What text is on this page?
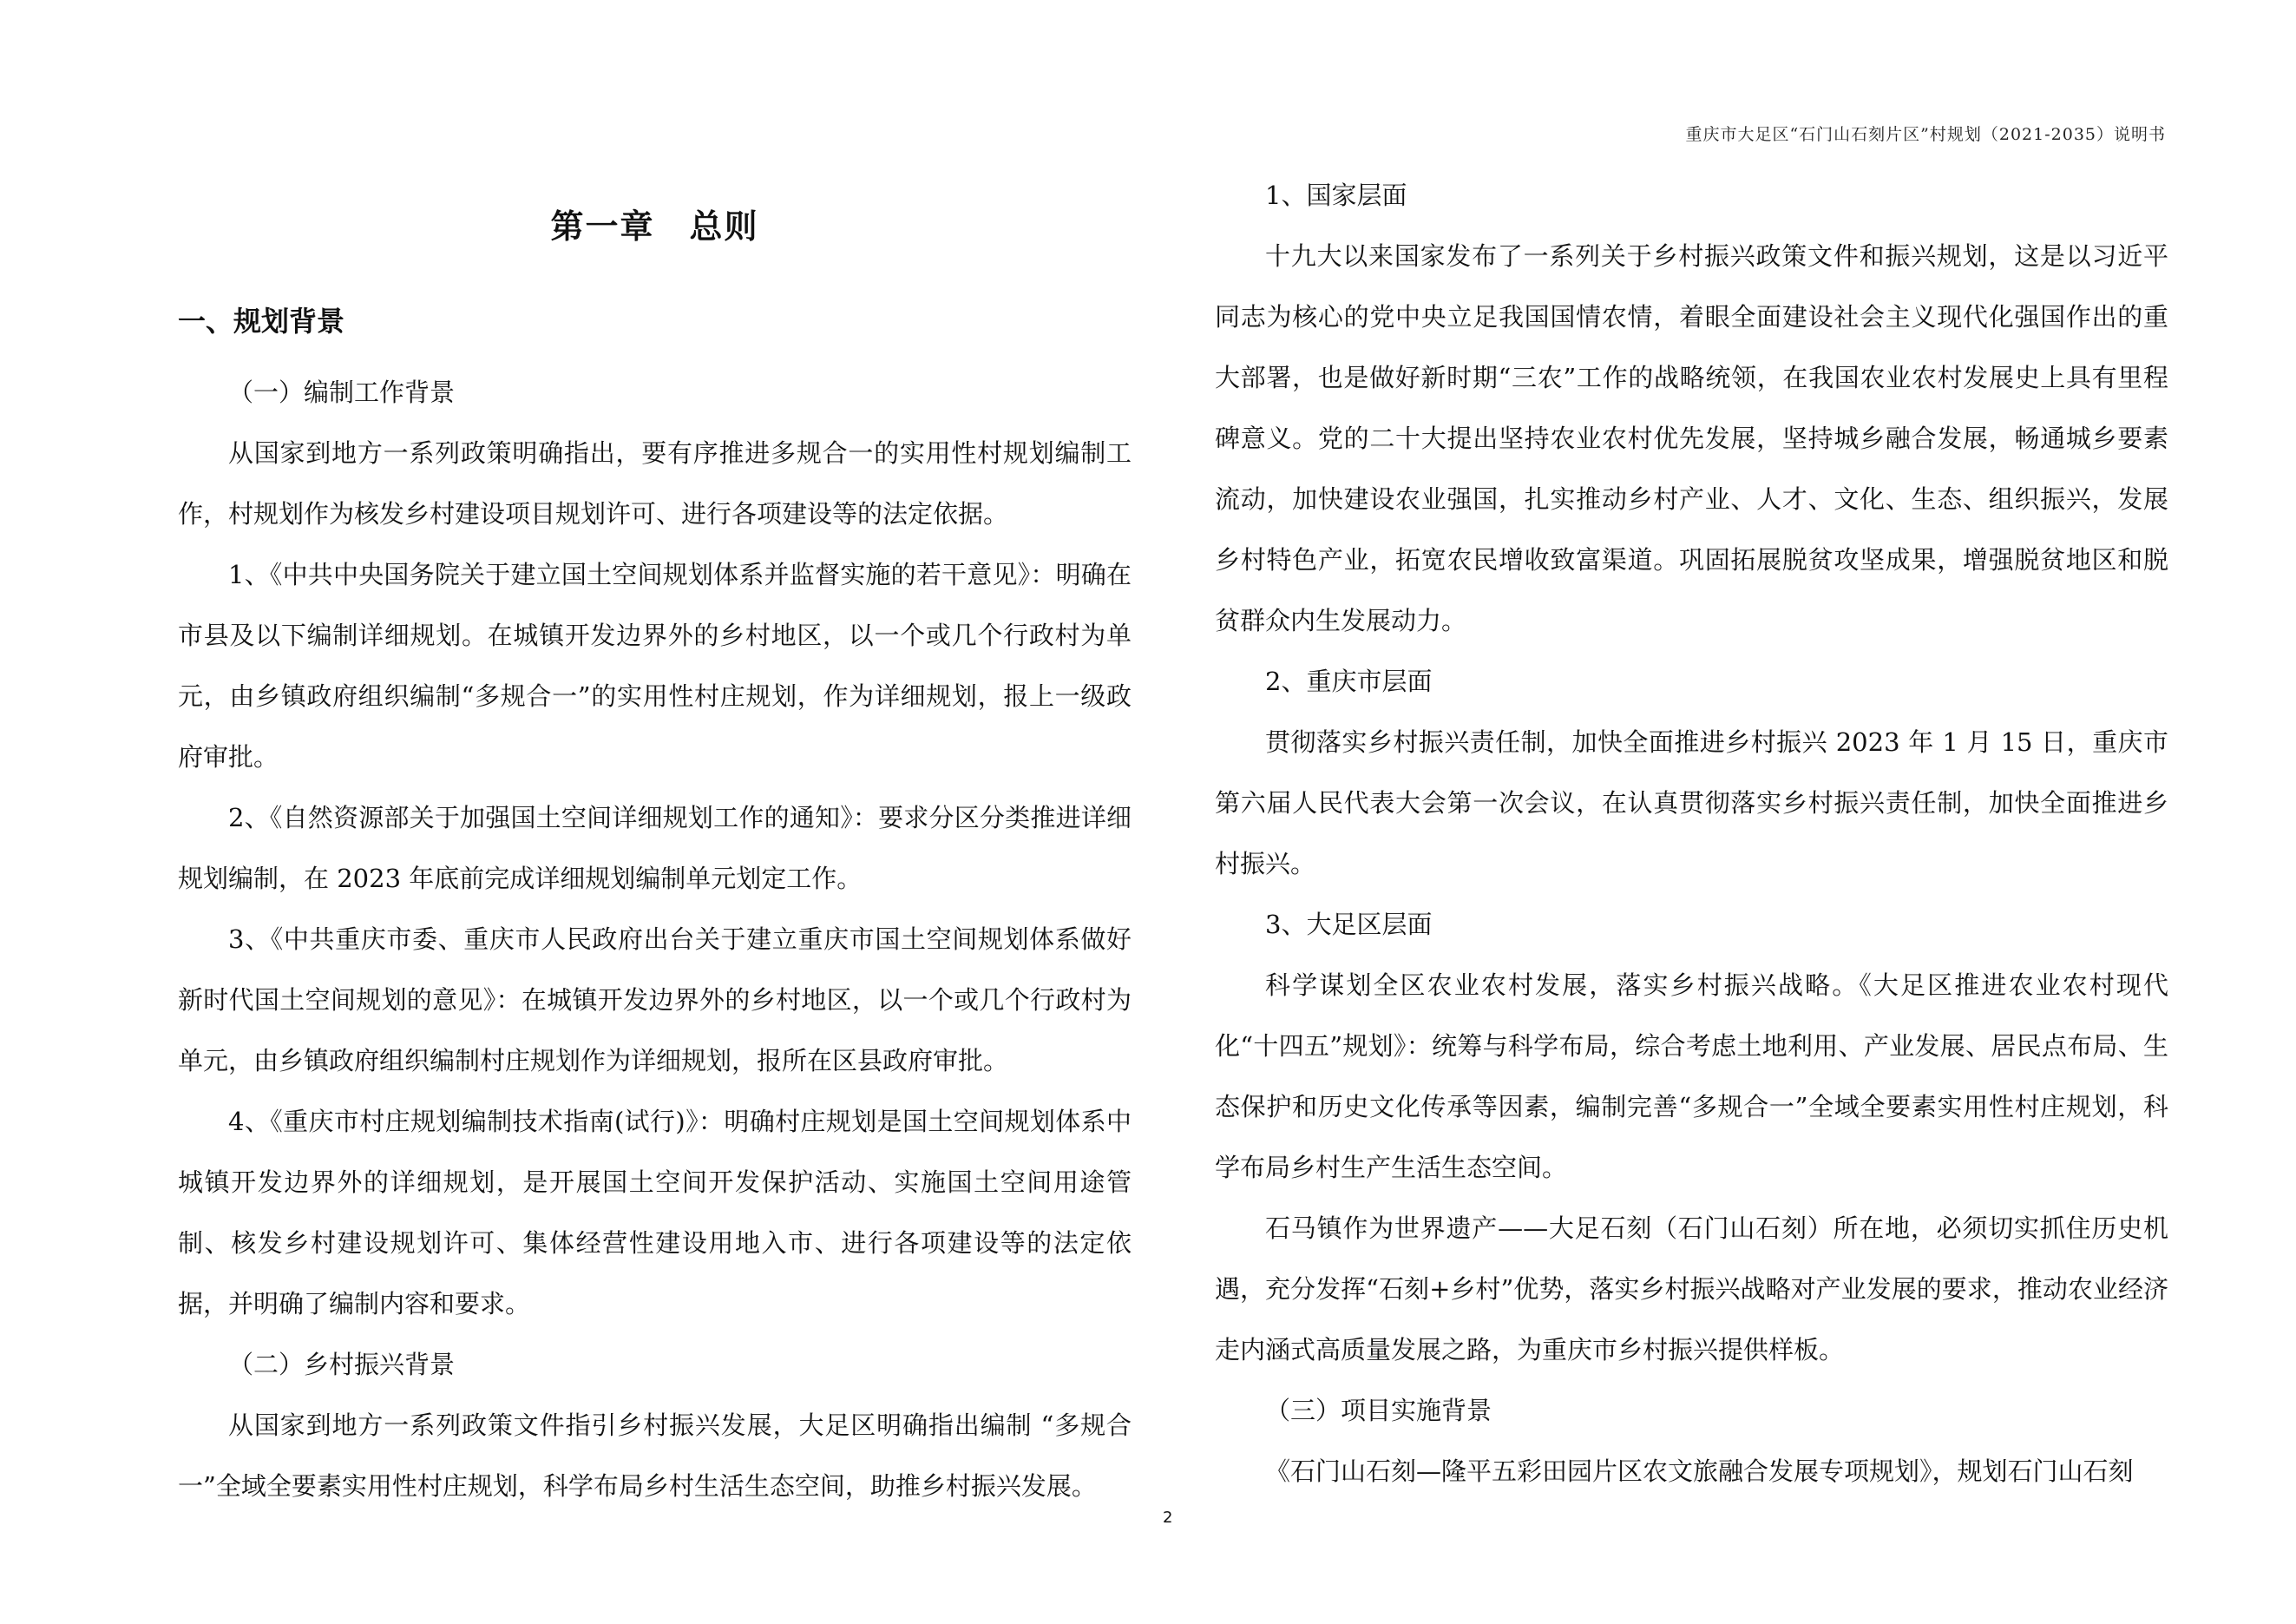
重庆市大足区“石门山石刻片区”村规划（2021-2035）说明书
第一章　总则
一、规划背景
（一）编制工作背景

从国家到地方一系列政策明确指出，要有序推进多规合一的实用性村规划编制工作，村规划作为核发乡村建设项目规划许可、进行各项建设等的法定依据。

1、《中共中央国务院关于建立国土空间规划体系并监督实施的若干意见》：明确在市县及以下编制详细规划。在城镇开发边界外的乡村地区，以一个或几个行政村为单元，由乡镇政府组织编制“多规合一”的实用性村庄规划，作为详细规划，报上一级政府审批。

2、《自然资源部关于加强国土空间详细规划工作的通知》：要求分区分类推进详细规划编制，在 2023 年底前完成详细规划编制单元划定工作。

3、《中共重庆市委、重庆市人民政府出台关于建立重庆市国土空间规划体系做好新时代国土空间规划的意见》：在城镇开发边界外的乡村地区，以一个或几个行政村为单元，由乡镇政府组织编制村庄规划作为详细规划，报所在区县政府审批。

4、《重庆市村庄规划编制技术指南(试行)》：明确村庄规划是国土空间规划体系中城镇开发边界外的详细规划，是开展国土空间开发保护活动、实施国土空间用途管制、核发乡村建设规划许可、集体经营性建设用地入市、进行各项建设等的法定依据，并明确了编制内容和要求。

（二）乡村振兴背景

从国家到地方一系列政策文件指引乡村振兴发展，大足区明确指出编制 “多规合一”全域全要素实用性村庄规划，科学布局乡村生活生态空间，助推乡村振兴发展。

1、国家层面

十九大以来国家发布了一系列关于乡村振兴政策文件和振兴规划，这是以习近平同志为核心的党中央立足我国国情农情，着眼全面建设社会主义现代化强国作出的重大部署，也是做好新时期“三农”工作的战略统领，在我国农业农村发展史上具有里程碑意义。党的二十大提出坚持农业农村优先发展，坚持城乡融合发展，畅通城乡要素流动，加快建设农业强国，扎实推动乡村产业、人才、文化、生态、组织振兴，发展乡村特色产业，拓宽农民增收致富渠道。巩固拓展脱贫攻坚成果，增强脱贫地区和脱贫群众内生发展动力。

2、重庆市层面

贯彻落实乡村振兴责任制，加快全面推进乡村振兴 2023 年 1 月 15 日，重庆市第六届人民代表大会第一次会议，在认真贯彻落实乡村振兴责任制，加快全面推进乡村振兴。

3、大足区层面

科学谋划全区农业农村发展，落实乡村振兴战略。《大足区推进农业农村现代化“十四五”规划》：统筹与科学布局，综合考虑土地利用、产业发展、居民点布局、生态保护和历史文化传承等因素，编制完善“多规合一”全域全要素实用性村庄规划，科学布局乡村生产生活生态空间。

石马镇作为世界遗产——大足石刻（石门山石刻）所在地，必须切实抓住历史机遇，充分发挥“石刻+乡村”优势，落实乡村振兴战略对产业发展的要求，推动农业经济走内涵式高质量发展之路，为重庆市乡村振兴提供样板。

（三）项目实施背景

《石门山石刻—隆平五彩田园片区农文旅融合发展专项规划》，规划石门山石刻

2
